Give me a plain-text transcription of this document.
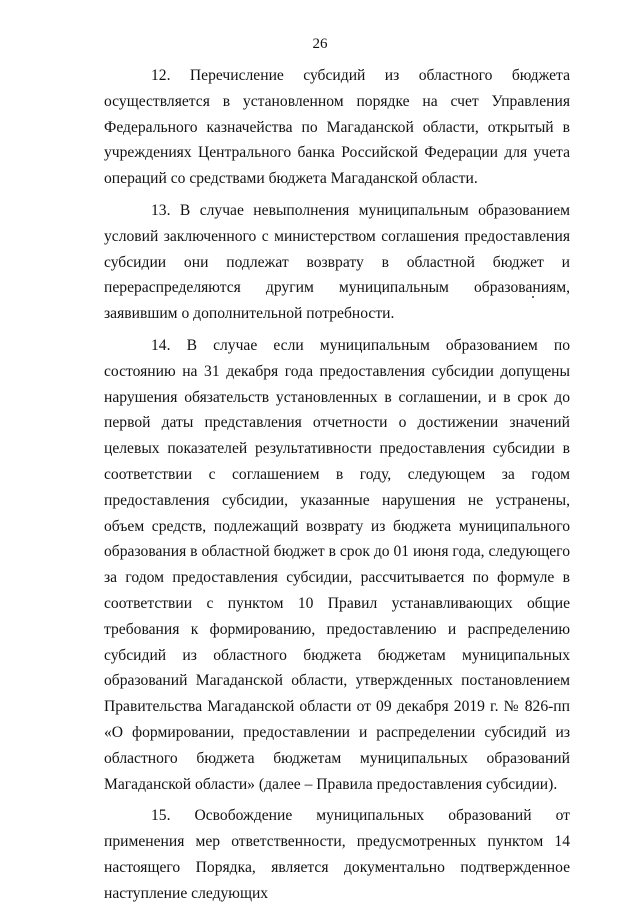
26

12. Перечисление субсидий из областного бюджета осуществляется в установленном порядке на счет Управления Федерального казначейства по Магаданской области, открытый в учреждениях Центрального банка Российской Федерации для учета операций со средствами бюджета Магаданской области.

13. В случае невыполнения муниципальным образованием условий заключенного с министерством соглашения предоставления субсидии они подлежат возврату в областной бюджет и перераспределяются другим муниципальным образованиям, заявившим о дополнительной потребности.

14. В случае если муниципальным образованием по состоянию на 31 декабря года предоставления субсидии допущены нарушения обязательств установленных в соглашении, и в срок до первой даты представления отчетности о достижении значений целевых показателей результативности предоставления субсидии в соответствии с соглашением в году, следующем за годом предоставления субсидии, указанные нарушения не устранены, объем средств, подлежащий возврату из бюджета муниципального образования в областной бюджет в срок до 01 июня года, следующего за годом предоставления субсидии, рассчитывается по формуле в соответствии с пунктом 10 Правил устанавливающих общие требования к формированию, предоставлению и распределению субсидий из областного бюджета бюджетам муниципальных образований Магаданской области, утвержденных постановлением Правительства Магаданской области от 09 декабря 2019 г. № 826-пп «О формировании, предоставлении и распределении субсидий из областного бюджета бюджетам муниципальных образований Магаданской области» (далее – Правила предоставления субсидии).

15. Освобождение муниципальных образований от применения мер ответственности, предусмотренных пунктом 14 настоящего Порядка, является документально подтвержденное наступление следующих
